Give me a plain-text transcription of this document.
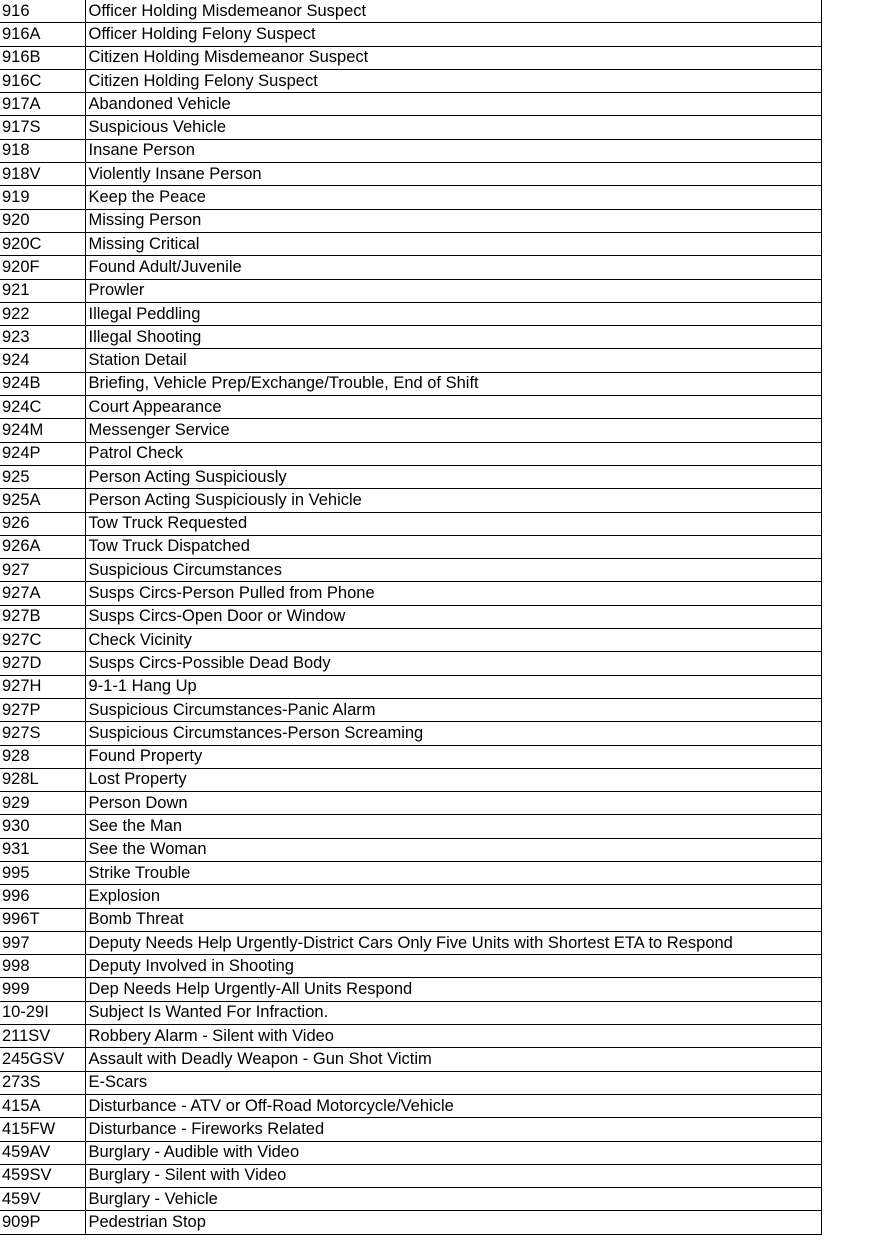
916	Officer Holding Misdemeanor Suspect
916A	Officer Holding Felony Suspect
916B	Citizen Holding Misdemeanor Suspect
916C	Citizen Holding Felony Suspect
917A	Abandoned Vehicle
917S	Suspicious Vehicle
918	Insane Person
918V	Violently Insane Person
919	Keep the Peace
920	Missing Person
920C	Missing Critical
920F	Found Adult/Juvenile
921	Prowler
922	Illegal Peddling
923	Illegal Shooting
924	Station Detail
924B	Briefing, Vehicle Prep/Exchange/Trouble, End of Shift
924C	Court Appearance
924M	Messenger Service
924P	Patrol Check
925	Person Acting Suspiciously
925A	Person Acting Suspiciously in Vehicle
926	Tow Truck Requested
926A	Tow Truck Dispatched
927	Suspicious Circumstances
927A	Susps Circs-Person Pulled from Phone
927B	Susps Circs-Open Door or Window
927C	Check Vicinity
927D	Susps Circs-Possible Dead Body
927H	9-1-1 Hang Up
927P	Suspicious Circumstances-Panic Alarm
927S	Suspicious Circumstances-Person Screaming
928	Found Property
928L	Lost Property
929	Person Down
930	See the Man
931	See the Woman
995	Strike Trouble
996	Explosion
996T	Bomb Threat
997	Deputy Needs Help Urgently-District Cars Only Five Units with Shortest ETA to Respond
998	Deputy Involved in Shooting
999	Dep Needs Help Urgently-All Units Respond
10-29I	Subject Is Wanted For Infraction.
211SV	Robbery Alarm - Silent with Video
245GSV	Assault with Deadly Weapon - Gun Shot Victim
273S	E-Scars
415A	Disturbance - ATV or Off-Road Motorcycle/Vehicle
415FW	Disturbance - Fireworks Related
459AV	Burglary - Audible with Video
459SV	Burglary - Silent with Video
459V	Burglary - Vehicle
909P	Pedestrian Stop
